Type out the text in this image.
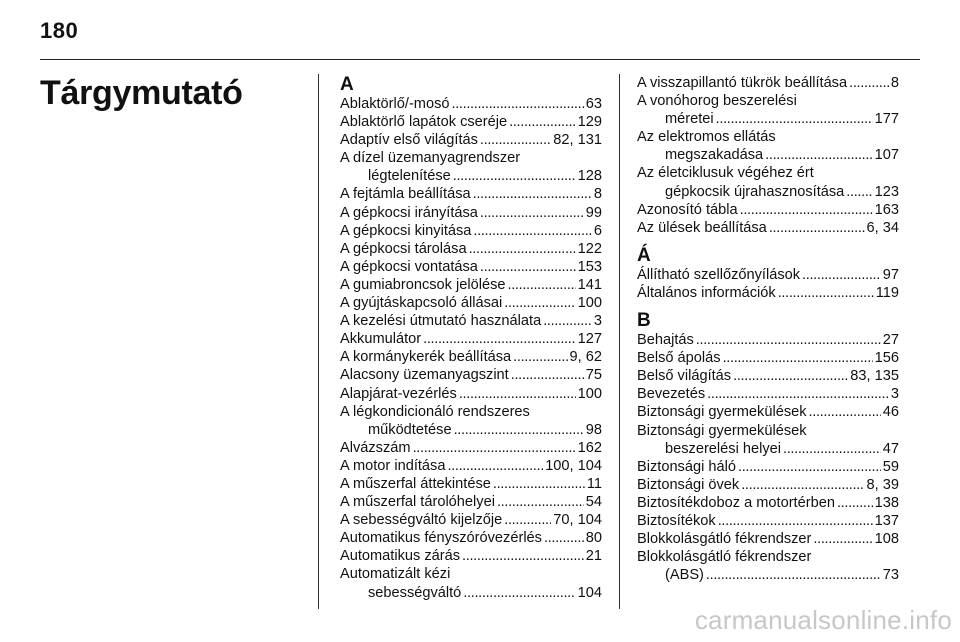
180
Tárgymutató	A
Ablaktörlő/-mosó . . .	63
Ablaktörlő lapátok cseréje . . .	129
Adaptív első világítás . . .	82, 131
A dízel üzemanyagrendszer
légtelenítése . . .	128
A fejtámla beállítása . . .	8
A gépkocsi irányítása . . .	99
A gépkocsi kinyitása . . .	6
A gépkocsi tárolása . . .	122
A gépkocsi vontatása . . .	153
A gumiabroncsok jelölése . . .	141
A gyújtáskapcsoló állásai . . .	100
A kezelési útmutató használata . . .	3
Akkumulátor . . .	127
A kormánykerék beállítása . . .	9, 62
Alacsony üzemanyagszint . . .	75
Alapjárat-vezérlés . . .	100
A légkondicionáló rendszeres
működtetése . . .	98
Alvázszám . . .	162
A motor indítása . . .	100, 104
A műszerfal áttekintése . . .	11
A műszerfal tárolóhelyei . . .	54
A sebességváltó kijelzője . . .	70, 104
Automatikus fényszóróvezérlés . . .	80
Automatikus zárás . . .	21
Automatizált kézi
sebességváltó . . .	104
A visszapillantó tükrök beállítása . . .	8
A vonóhorog beszerelési
méretei . . .	177
Az elektromos ellátás
megszakadása . . .	107
Az életciklusuk végéhez ért
gépkocsik újrahasznosítása . . . 123
Azonosító tábla . . .	163
Az ülések beállítása . . .	6, 34
Á
Állítható szellőzőnyílások . . .	97
Általános információk . . .	119
B
Behajtás . . .	27
Belső ápolás . . .	156
Belső világítás . . .	83, 135
Bevezetés . . .	3
Biztonsági gyermekülések . . .	46
Biztonsági gyermekülések
beszerelési helyei . . .	47
Biztonsági háló . . .	59
Biztonsági övek . . .	8, 39
Biztosítékdoboz a motortérben . . .	138
Biztosítékok . . .	137
Blokkolásgátló fékrendszer . . .	108
Blokkolásgátló fékrendszer
(ABS) . . .	73
carmanualsonline.info
